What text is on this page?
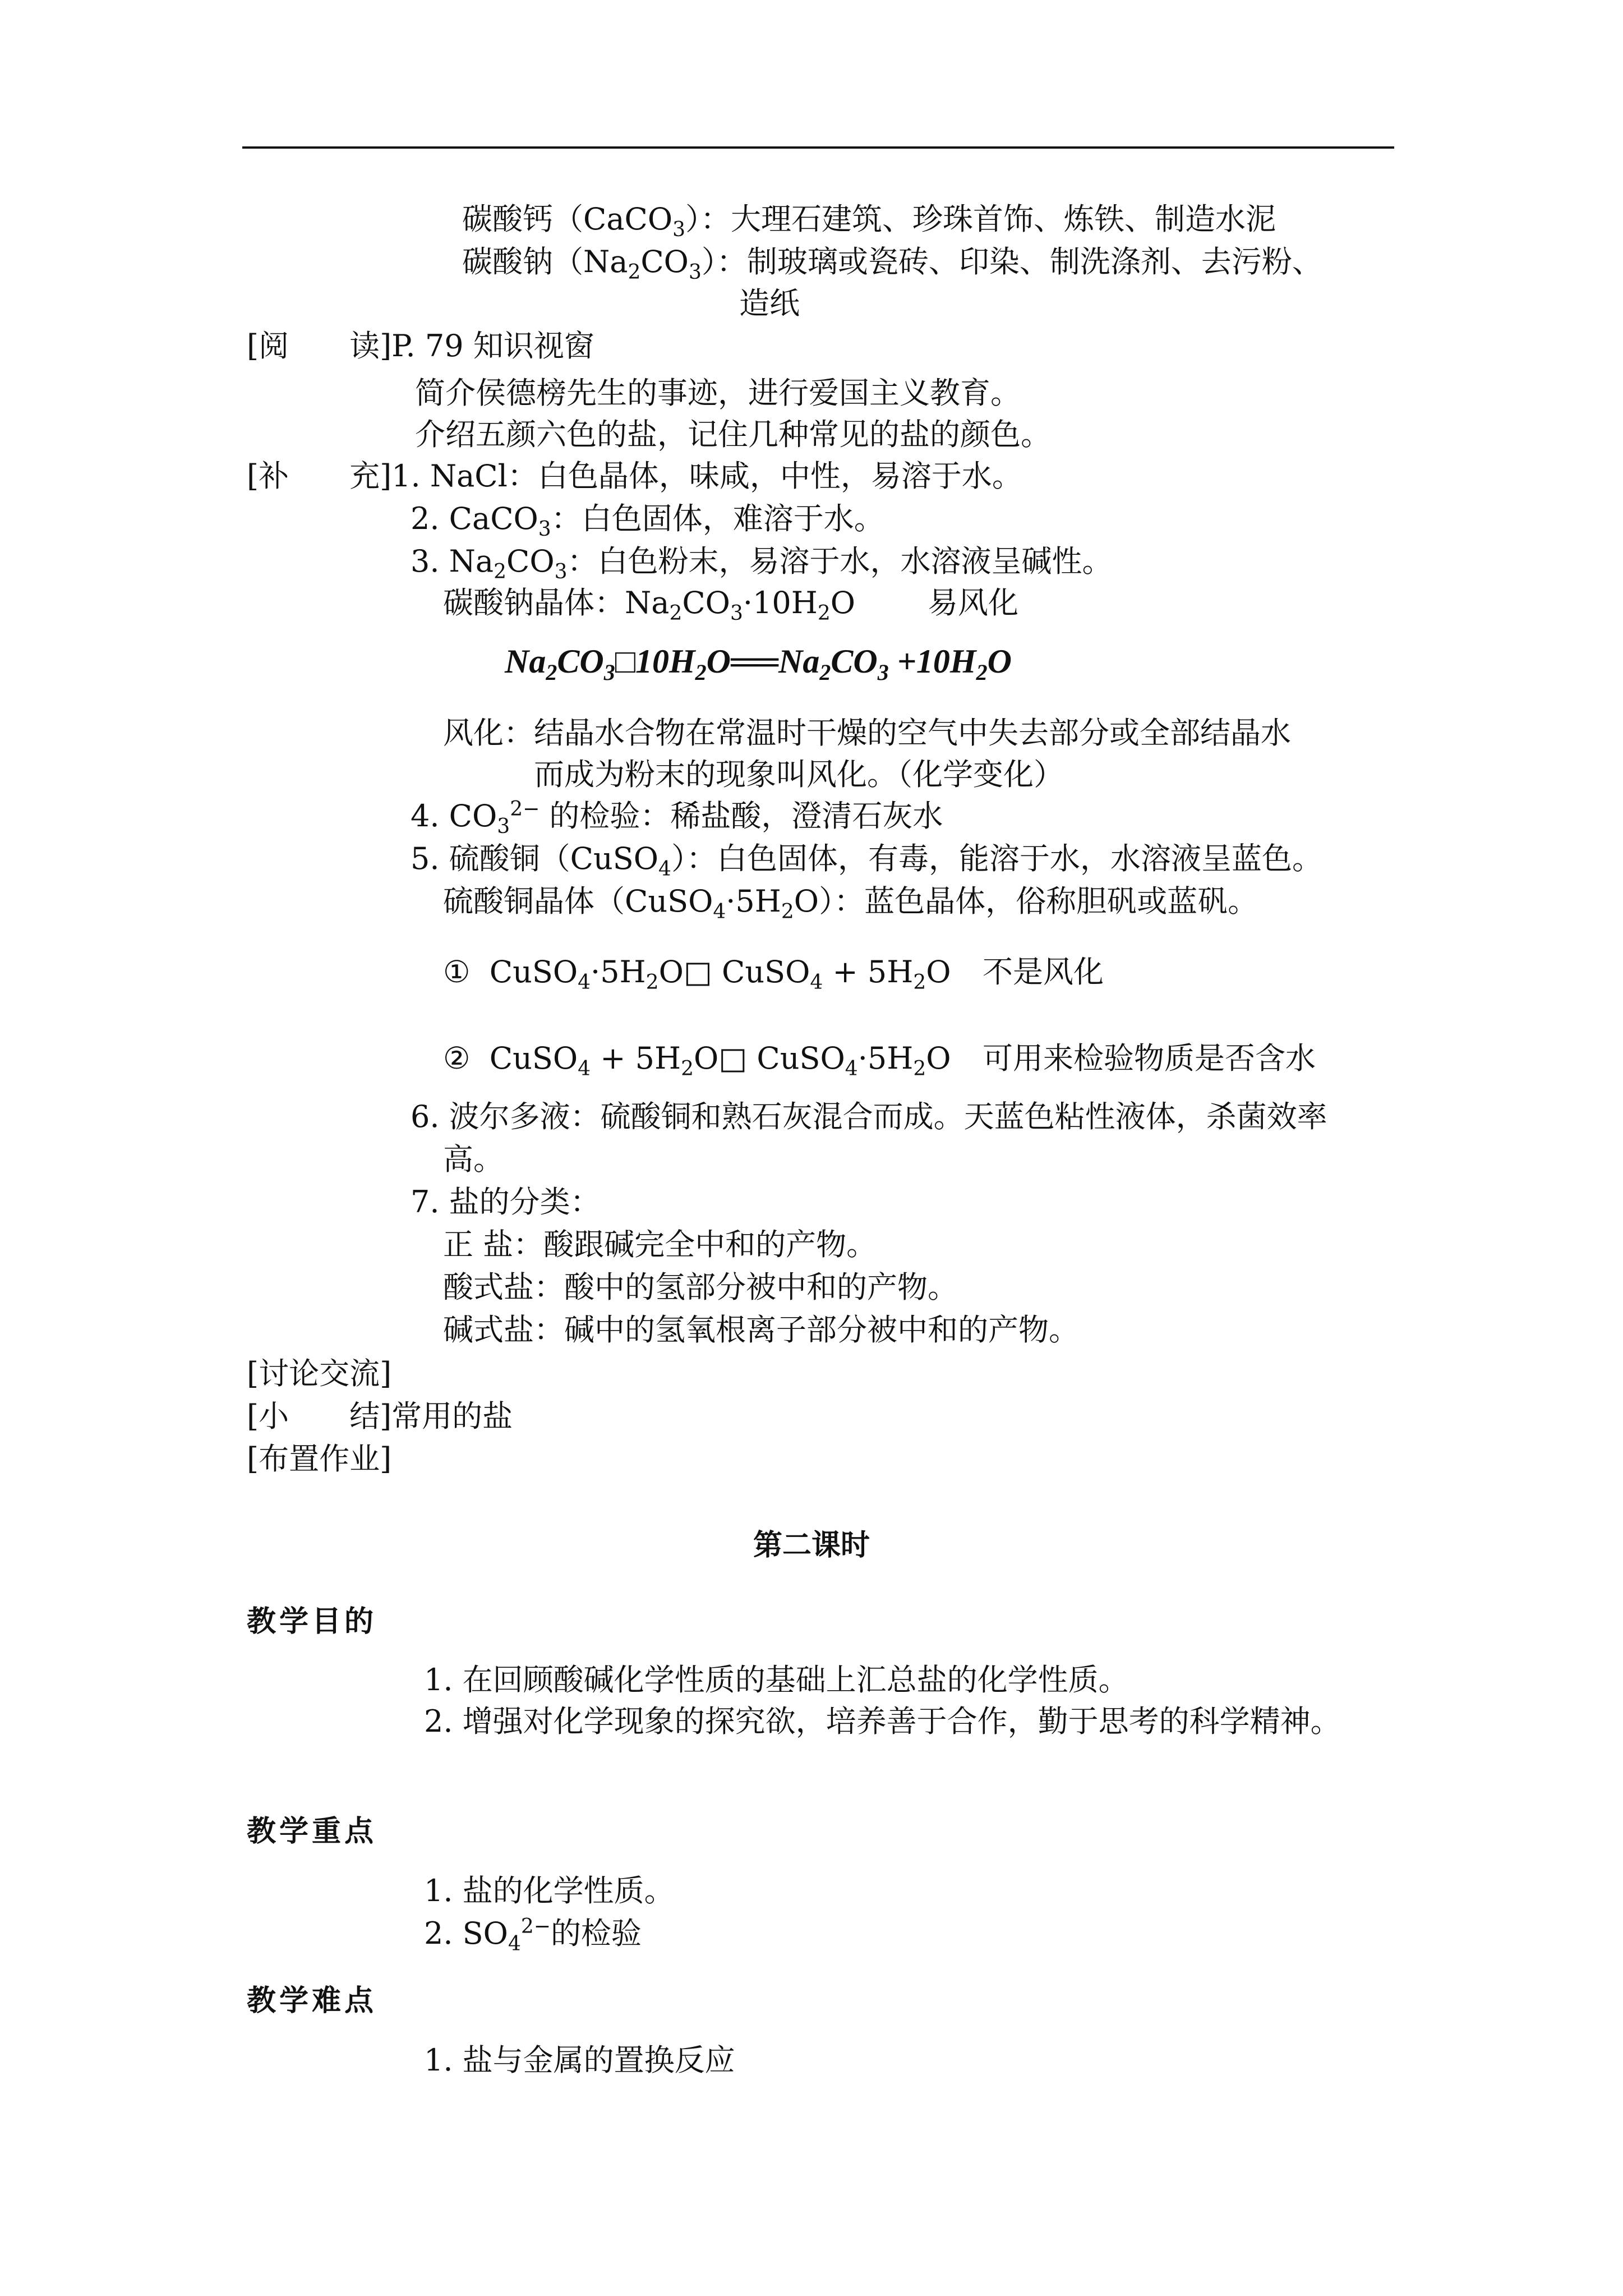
碳酸钙（CaCO$_3$）：大理石建筑、珍珠首饰、炼铁、制造水泥
碳酸钠$(Na_2CO_3)$：制玻璃或瓷砖、印染、制洗涤剂、去污粉、
造纸
[阅 读]P. 79 知识视窗
简介侯德榜先生的事迹，进行爱国主义教育。
介绍五颜六色的盐，记住几种常见的盐的颜色。
[补 充]1. NaCl：白色晶体，味咸，中性，易溶于水。
2. CaCO$_3$：白色固体，难溶于水。
3. $Na_2CO_3$：白色粉末，易溶于水，水溶液呈碱性。
碳酸钠晶体：$Na_2CO_3\cdot 10H_2O$ 易风化
$Na_2CO_3□10H_2O══Na_2CO_3 +10H_2O$
风化：结晶水合物在常温时干燥的空气中失去部分或全部结晶水
而成为粉末的现象叫风化。（化学变化）
4. $CO_3^{2-}$ 的检验：稀盐酸，澄清石灰水
5. 硫酸铜（CuSO$_4$）：白色固体，有毒，能溶于水，水溶液呈蓝色。
硫酸铜晶体$(CuSO_4\cdot 5H_2O)$：蓝色晶体，俗称胆矾或蓝矾。
① $CuSO_4\cdot 5H_2O□$ CuSO$_4$ + $5H_2O$ 不是风化
② CuSO$_4$ + $5H_2O□$ $CuSO_4\cdot 5H_2O$ 可用来检验物质是否含水
6. 波尔多液：硫酸铜和熟石灰混合而成。天蓝色粘性液体，杀菌效率
高。
7. 盐的分类：
正 盐：酸跟碱完全中和的产物。
酸式盐：酸中的氢部分被中和的产物。
碱式盐：碱中的氢氧根离子部分被中和的产物。
[讨论交流]
[小 结]常用的盐
[布置作业]
第二课时
教学目的
1. 在回顾酸碱化学性质的基础上汇总盐的化学性质。
2. 增强对化学现象的探究欲，培养善于合作，勤于思考的科学精神。
教学重点
1. 盐的化学性质。
2. $SO_4^{2-}$的检验
教学难点
1. 盐与金属的置换反应
